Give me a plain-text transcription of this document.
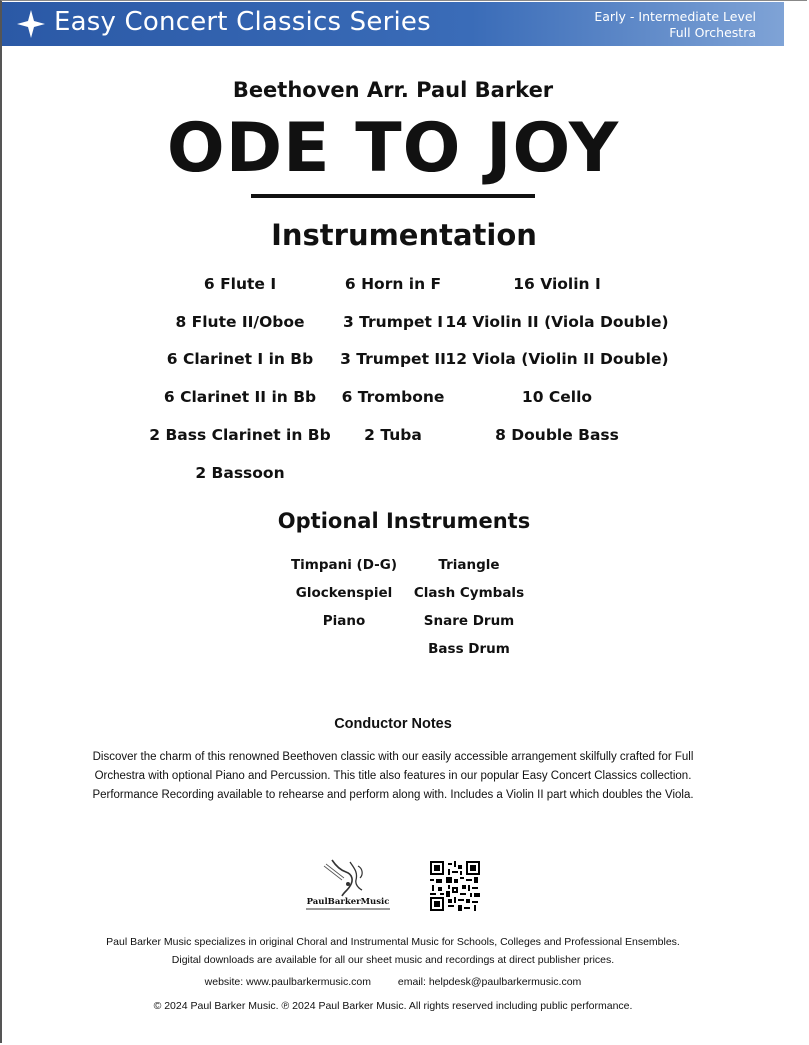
Easy Concert Classics Series	Early - Intermediate Level
Full Orchestra
Beethoven Arr. Paul Barker
ODE TO JOY
Instrumentation
6 Flute I
8 Flute II/Oboe
6 Clarinet I in Bb
6 Clarinet II in Bb
2 Bass Clarinet in Bb
2 Bassoon
6 Horn in F
3 Trumpet I
3 Trumpet II
6 Trombone
2 Tuba
16 Violin I
14 Violin II (Viola Double)
12 Viola (Violin II Double)
10 Cello
8 Double Bass
Optional Instruments
Timpani (D-G)
Glockenspiel
Piano
Triangle
Clash Cymbals
Snare Drum
Bass Drum
Conductor Notes
Discover the charm of this renowned Beethoven classic with our easily accessible arrangement skilfully crafted for Full
Orchestra with optional Piano and Percussion. This title also features in our popular Easy Concert Classics collection.
Performance Recording available to rehearse and perform along with. Includes a Violin II part which doubles the Viola.
PaulBarkerMusic
Paul Barker Music specializes in original Choral and Instrumental Music for Schools, Colleges and Professional Ensembles.
Digital downloads are available for all our sheet music and recordings at direct publisher prices.
website: www.paulbarkermusic.com	email: helpdesk@paulbarkermusic.com
© 2024 Paul Barker Music. ℗ 2024 Paul Barker Music. All rights reserved including public performance.
